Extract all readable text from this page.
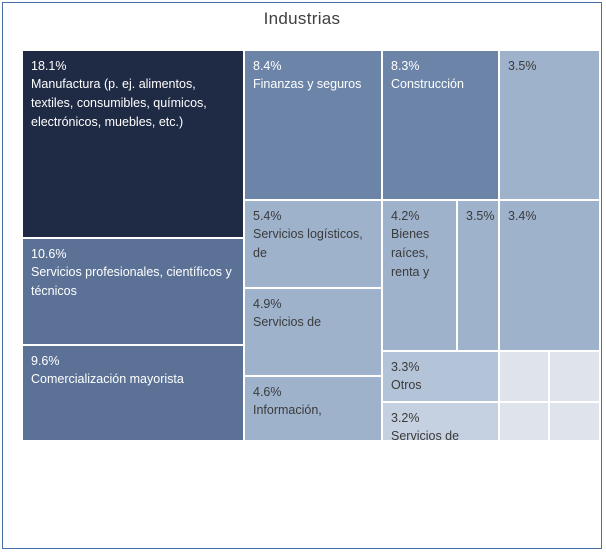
Industrias
18.1%
Manufactura (p. ej. alimentos, textiles, consumibles, químicos, electrónicos, muebles, etc.)
10.6%
Servicios profesionales, científicos y técnicos
9.6%
Comercialización mayorista
8.4%
Finanzas y seguros
5.4%
Servicios logísticos, de
4.9%
Servicios de
4.6%
Información,
8.3%
Construcción
4.2%
Bienes raíces, renta y
3.3%
Otros
3.2%
Servicios de
3.5%
3.5% 3.4%
